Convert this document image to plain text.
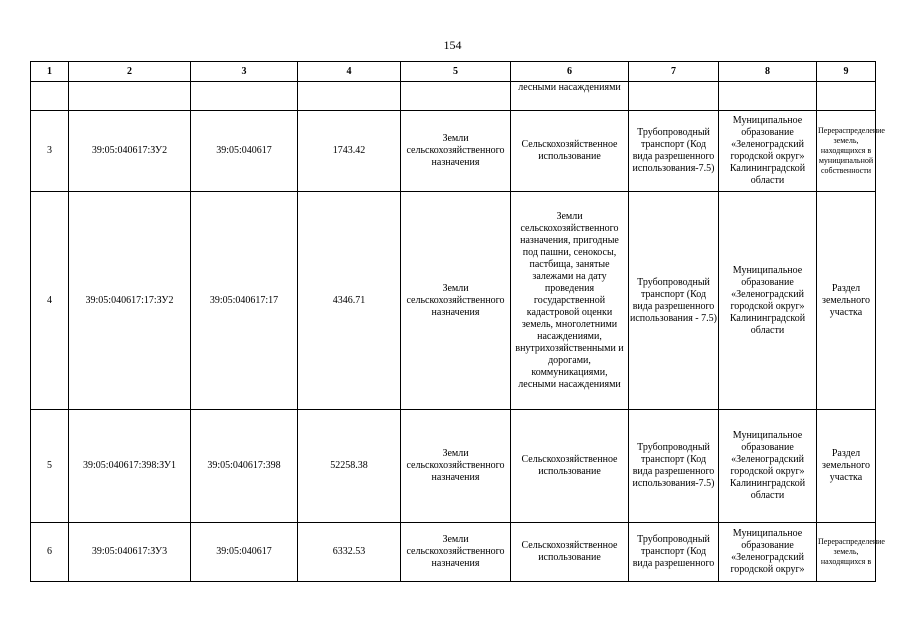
154
1	2	3	4	5	6	7	8	9
					лесными насаждениями			
3	39:05:040617:ЗУ2	39:05:040617	1743.42	Земли сельскохозяйственного назначения	Сельскохозяйственное использование	Трубопроводный транспорт (Код вида разрешенного использования-7.5)	Муниципальное образование «Зеленоградский городской округ» Калининградской области	Перераспределение земель, находящихся в муниципальной собственности
4	39:05:040617:17:ЗУ2	39:05:040617:17	4346.71	Земли сельскохозяйственного назначения	Земли сельскохозяйственного назначения, пригодные под пашни, сенокосы, пастбища, занятые залежами на дату проведения государственной кадастровой оценки земель, многолетними насаждениями, внутрихозяйственными и дорогами, коммуникациями, лесными насаждениями	Трубопроводный транспорт (Код вида разрешенного использования - 7.5)	Муниципальное образование «Зеленоградский городской округ» Калининградской области	Раздел земельного участка
5	39:05:040617:398:ЗУ1	39:05:040617:398	52258.38	Земли сельскохозяйственного назначения	Сельскохозяйственное использование	Трубопроводный транспорт (Код вида разрешенного использования-7.5)	Муниципальное образование «Зеленоградский городской округ» Калининградской области	Раздел земельного участка
6	39:05:040617:ЗУ3	39:05:040617	6332.53	Земли сельскохозяйственного назначения	Сельскохозяйственное использование	Трубопроводный транспорт (Код вида разрешенного	Муниципальное образование «Зеленоградский городской округ»	Перераспределение земель, находящихся в
